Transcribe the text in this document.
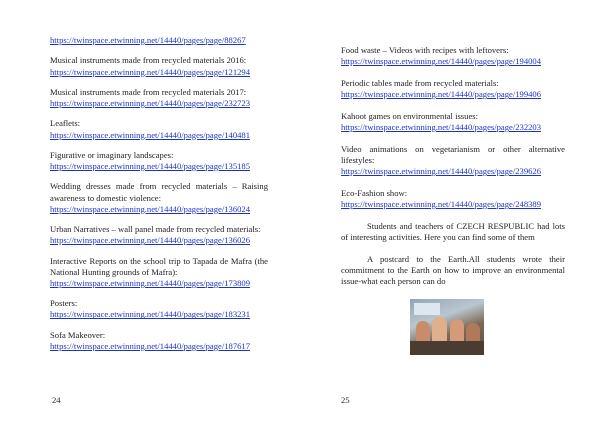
https://twinspace.etwinning.net/14440/pages/page/88267
Musical instruments made from recycled materials 2016:
https://twinspace.etwinning.net/14440/pages/page/121294
Musical instruments made from recycled materials 2017:
https://twinspace.etwinning.net/14440/pages/page/232723
Leaflets:
https://twinspace.etwinning.net/14440/pages/page/140481
Figurative or imaginary landscapes:
https://twinspace.etwinning.net/14440/pages/page/135185
Wedding dresses made from recycled materials – Raising awareness to domestic violence:
https://twinspace.etwinning.net/14440/pages/page/136024
Urban Narratives – wall panel made from recycled materials:
https://twinspace.etwinning.net/14440/pages/page/136026
Interactive Reports on the school trip to Tapada de Mafra (the National Hunting grounds of Mafra):
https://twinspace.etwinning.net/14440/pages/page/173809
Posters:
https://twinspace.etwinning.net/14440/pages/page/183231
Sofa Makeover:
https://twinspace.etwinning.net/14440/pages/page/187617
24
Food waste – Videos with recipes with leftovers:
https://twinspace.etwinning.net/14440/pages/page/194004
Periodic tables made from recycled materials:
https://twinspace.etwinning.net/14440/pages/page/199406
Kahoot games on environmental issues:
https://twinspace.etwinning.net/14440/pages/page/232203
Video animations on vegetarianism or other alternative lifestyles:
https://twinspace.etwinning.net/14440/pages/page/239626
Eco-Fashion show:
https://twinspace.etwinning.net/14440/pages/page/248389

Students and teachers of CZECH RESPUBLIC had lots of interesting activities. Here you can find some of them

A postcard to the Earth.All students wrote their commitment to the Earth on how to improve an environmental issue-what each person can do

25
